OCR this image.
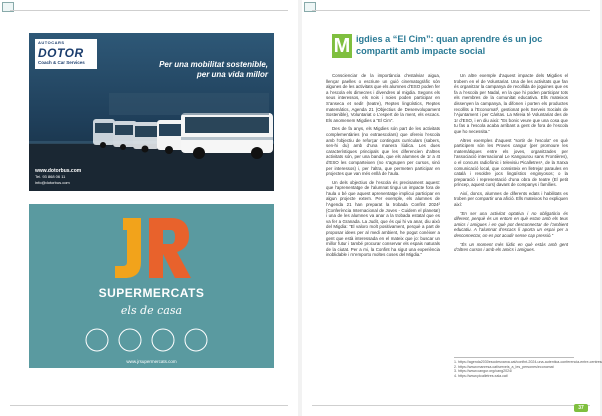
AUTOCARS
DOTOR
Coach & Car Services	Per una mobilitat sostenible,
per una vida millor
www.dotorbus.com
Tel. 93 868 06 11
info@dotorbus.com
SUPERMERCATS
els de casa
www.jrsupermercats.com
M igdies a “El Cim”: quan aprendre és un joc compartit amb impacte social

Conscienciar de la importància d’estalviar aigua, llençar paelles o escriure un guió cinematogràfic són algunes de les activitats que els alumnes d’ESO poden fer a l’escola els dimecres i divendres al migdia. Segons els seus interessos, els nois i noies poden participar en S’anseca et sedi! (teatre), Reptes lingüístics, Reptes matemàtics, Agenda 21 (Objectius de Desenvolupament Sostenible), Voluntariat o L’espert de la ment, els escacs. Els anomenem Migdies a “El Cim”.

Des de fa anys, els Migdies són part de les activitats complementàries (no extraescolars) que ofereix l’escola amb l’objectiu de reforçar continguts curriculars (sabers, sen-hi du) amb d’una manera lúdica. Les dues característiques principals que les diferencien d’altres activitats són, per una banda, que els alumnes de 1r a 4t d’ESO les comparteixen (no s’agrupen per cursos, sinó per interessos) i, per l’altra, que permeten participar en projectes que van més enllà de l’aula.

Un dels objectius de l’escola és precisament aquest: que l’aprenentatge de l’alumnat tingui un impacte fora de l’aula o bé que aquest aprenentatge implicui participar en algun projecte extern. Per exemple, els alumnes de l’Agenda 21 han preparat la trobada Confint 2024² (Conferència Internacional de Joves - Cuidem el planeta!) i una de les alumnes va anar a la trobada estatal que es va fer a Granada. La Judit, que és qui hi va anar, diu això del Migdia: “El valoro molt positivament, perquè a part de proposar idees per al medi ambient, he pogut conèixer a gent que està interessada en el mateix que jo: buscar un millor futur i també procurar conservar els espais naturals de la ciutat. Per a mi, la Confint ha sigut una experiència inoblidable i m’emporto moltes coses del Migdia.”

Un altre exemple d’aquest impacte dels Migdies el trobem en el de Voluntariat. Una de les activitats que fan és organitzar la campanya de recollida de joguines que es fa a l’escola per Nadal, en la que hi poden participar tots els membres de la comunitat educativa. Ells mateixos dissenyen la campanya, la difonen i porten els productes recollits a l’Economat³, gestionat pels Serveis Socials de l’Ajuntament i per Càritas. La Mireia té Voluntariat des de 1r d’ESO, i en diu això: “Es bonic veure que una cosa que tu fas a l’escola acaba arribant a gent de fora de l’escola que ho necessita.”

Altres exemples d’aquest “sortir de l’escola” en què participem són les Proves cangur (per promoure les matemàtiques entre els joves, organitzades per l’associació internacional Le Kangourou sans Frontières), o el concurs radiofònic i televisiu Picalletres⁴, de la Xarxa comunicació local, que consisteix en lletrejar paraules en català i resoldre jocs lingüístics enginyosos; o la preparació i representació d’una obra de teatre (El petit príncep, aquest curs) davant de companys i famílies.

Així, doncs, alumnes de diferents edats i habilitats es troben per compartir una afició. Ells mateixos ho expliquen així:

“En ser una activitat optativa i no obligatòria és diferent, perquè és un entorn en què estan amb els teus amics i amigues i en què pot desconnectar de l’ambient educatiu. A l’alumnat d’escacs li aporta un espai per a desconnectar, on es pot acudir sense cap pressió.”

“És un moment més lúdic en què estàs amb gent d’altres cursos i amb els amics i amigues.

1. https://agenda2030escolesxarxa.cat/confint-2024-una-autentica-conferencia-entre-centres/
2. https://www.manresa.cat/serveis_a_les_persones/economat
3. https://www.cangur.org/cang2024/
4. https://www.picalletres.xala.cat/
37
